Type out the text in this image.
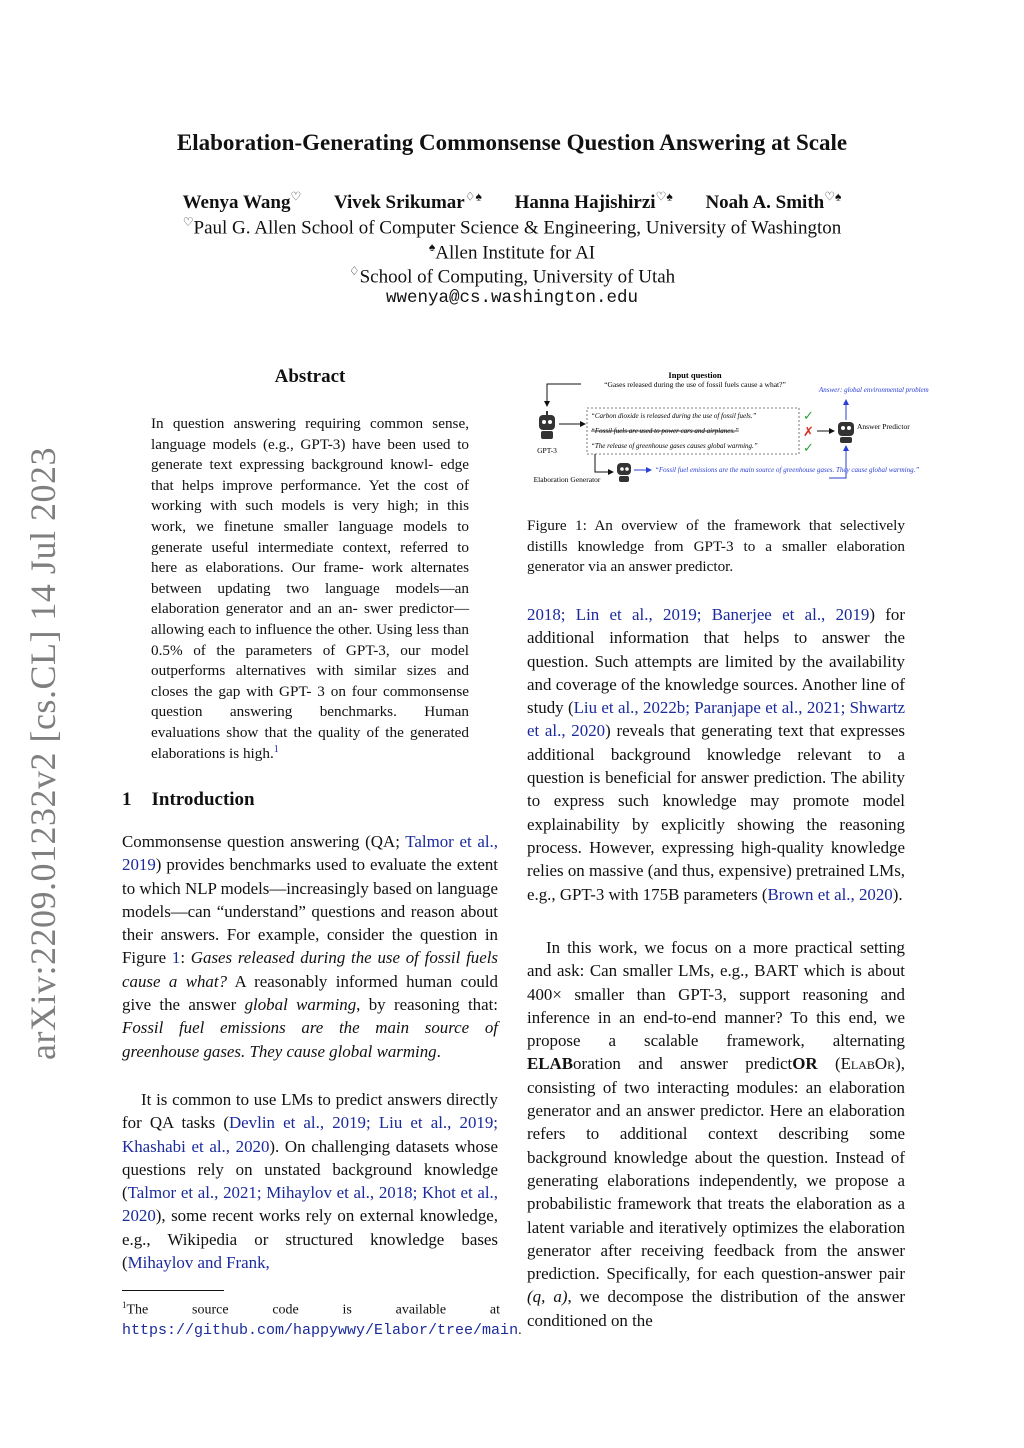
arXiv:2209.01232v2 [cs.CL] 14 Jul 2023
Elaboration-Generating Commonsense Question Answering at Scale
Wenya Wang♡ Vivek Srikumar♢♠ Hanna Hajishirzi♡♠ Noah A. Smith♡♠
♡Paul G. Allen School of Computer Science & Engineering, University of Washington
♠Allen Institute for AI
♢School of Computing, University of Utah
wwenya@cs.washington.edu
Abstract

In question answering requiring common sense, language models (e.g., GPT-3) have been used to generate text expressing background knowl- edge that helps improve performance. Yet the cost of working with such models is very high; in this work, we finetune smaller language models to generate useful intermediate context, referred to here as elaborations. Our frame- work alternates between updating two language models—an elaboration generator and an an- swer predictor—allowing each to influence the other. Using less than 0.5% of the parameters of GPT-3, our model outperforms alternatives with similar sizes and closes the gap with GPT- 3 on four commonsense question answering benchmarks. Human evaluations show that the quality of the generated elaborations is high.$^1$

1 Introduction

Commonsense question answering (QA; Talmor et al., 2019) provides benchmarks used to evaluate the extent to which NLP models—increasingly based on language models—can “understand” questions and reason about their answers. For example, consider the question in Figure 1: Gases released during the use of fossil fuels cause a what? A reasonably informed human could give the answer global warming, by reasoning that: Fossil fuel emissions are the main source of greenhouse gases. They cause global warming.

It is common to use LMs to predict answers directly for QA tasks (Devlin et al., 2019; Liu et al., 2019; Khashabi et al., 2020). On challenging datasets whose questions rely on unstated background knowledge (Talmor et al., 2021; Mihaylov et al., 2018; Khot et al., 2020), some recent works rely on external knowledge, e.g., Wikipedia or structured knowledge bases (Mihaylov and Frank,

$^1$The source code is available at https://github.com/happywwy/Elabor/tree/main.

Input question
“Gases released during the use of fossil fuels cause a what?”
GPT-3
“Carbon dioxide is released during the use of fossil fuels.”
“Fossil fuels are used to power cars and airplanes.”
“The release of greenhouse gases causes global warming.”
✓
✗
✓
Answer Predictor
Answer: global environmental problem
Elaboration Generator
“Fossil fuel emissions are the main source of greenhouse gases. They cause global warming.”

Figure 1: An overview of the framework that selectively distills knowledge from GPT-3 to a smaller elaboration generator via an answer predictor.

2018; Lin et al., 2019; Banerjee et al., 2019) for additional information that helps to answer the question. Such attempts are limited by the availability and coverage of the knowledge sources. Another line of study (Liu et al., 2022b; Paranjape et al., 2021; Shwartz et al., 2020) reveals that generating text that expresses additional background knowledge relevant to a question is beneficial for answer prediction. The ability to express such knowledge may promote model explainability by explicitly showing the reasoning process. However, expressing high-quality knowledge relies on massive (and thus, expensive) pretrained LMs, e.g., GPT-3 with 175B parameters (Brown et al., 2020).

In this work, we focus on a more practical setting and ask: Can smaller LMs, e.g., BART which is about 400× smaller than GPT-3, support reasoning and inference in an end-to-end manner? To this end, we propose a scalable framework, alternating ELABoration and answer predictOR (ElabOr), consisting of two interacting modules: an elaboration generator and an answer predictor. Here an elaboration refers to additional context describing some background knowledge about the question. Instead of generating elaborations independently, we propose a probabilistic framework that treats the elaboration as a latent variable and iteratively optimizes the elaboration generator after receiving feedback from the answer prediction. Specifically, for each question-answer pair (q, a), we decompose the distribution of the answer conditioned on the
